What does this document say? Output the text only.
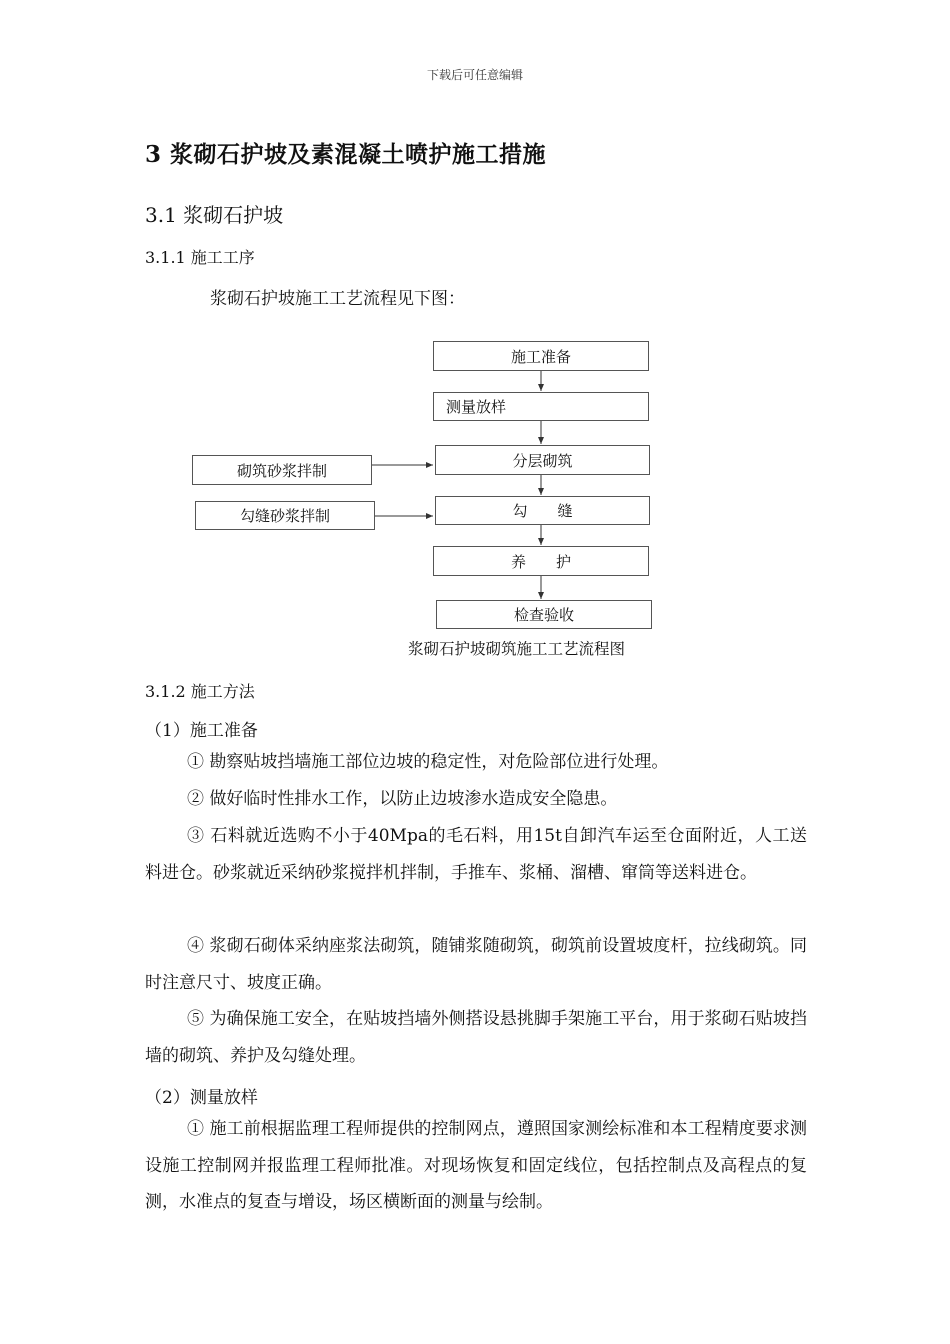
下载后可任意编辑
3 浆砌石护坡及素混凝土喷护施工措施
3.1 浆砌石护坡
3.1.1 施工工序
浆砌石护坡施工工艺流程见下图：
施工准备
测量放样
分层砌筑
勾　　缝
养　　护
检查验收
砌筑砂浆拌制
勾缝砂浆拌制
浆砌石护坡砌筑施工工艺流程图
3.1.2 施工方法
（1）施工准备
① 勘察贴坡挡墙施工部位边坡的稳定性，对危险部位进行处理。
② 做好临时性排水工作，以防止边坡渗水造成安全隐患。
③ 石料就近选购不小于40Mpa的毛石料，用15t自卸汽车运至仓面附近，人工送料进仓。砂浆就近采纳砂浆搅拌机拌制，手推车、浆桶、溜槽、窜筒等送料进仓。
④ 浆砌石砌体采纳座浆法砌筑，随铺浆随砌筑，砌筑前设置坡度杆，拉线砌筑。同时注意尺寸、坡度正确。
⑤ 为确保施工安全，在贴坡挡墙外侧搭设悬挑脚手架施工平台，用于浆砌石贴坡挡墙的砌筑、养护及勾缝处理。
（2）测量放样
① 施工前根据监理工程师提供的控制网点，遵照国家测绘标准和本工程精度要求测设施工控制网并报监理工程师批准。对现场恢复和固定线位，包括控制点及高程点的复测，水准点的复查与增设，场区横断面的测量与绘制。
